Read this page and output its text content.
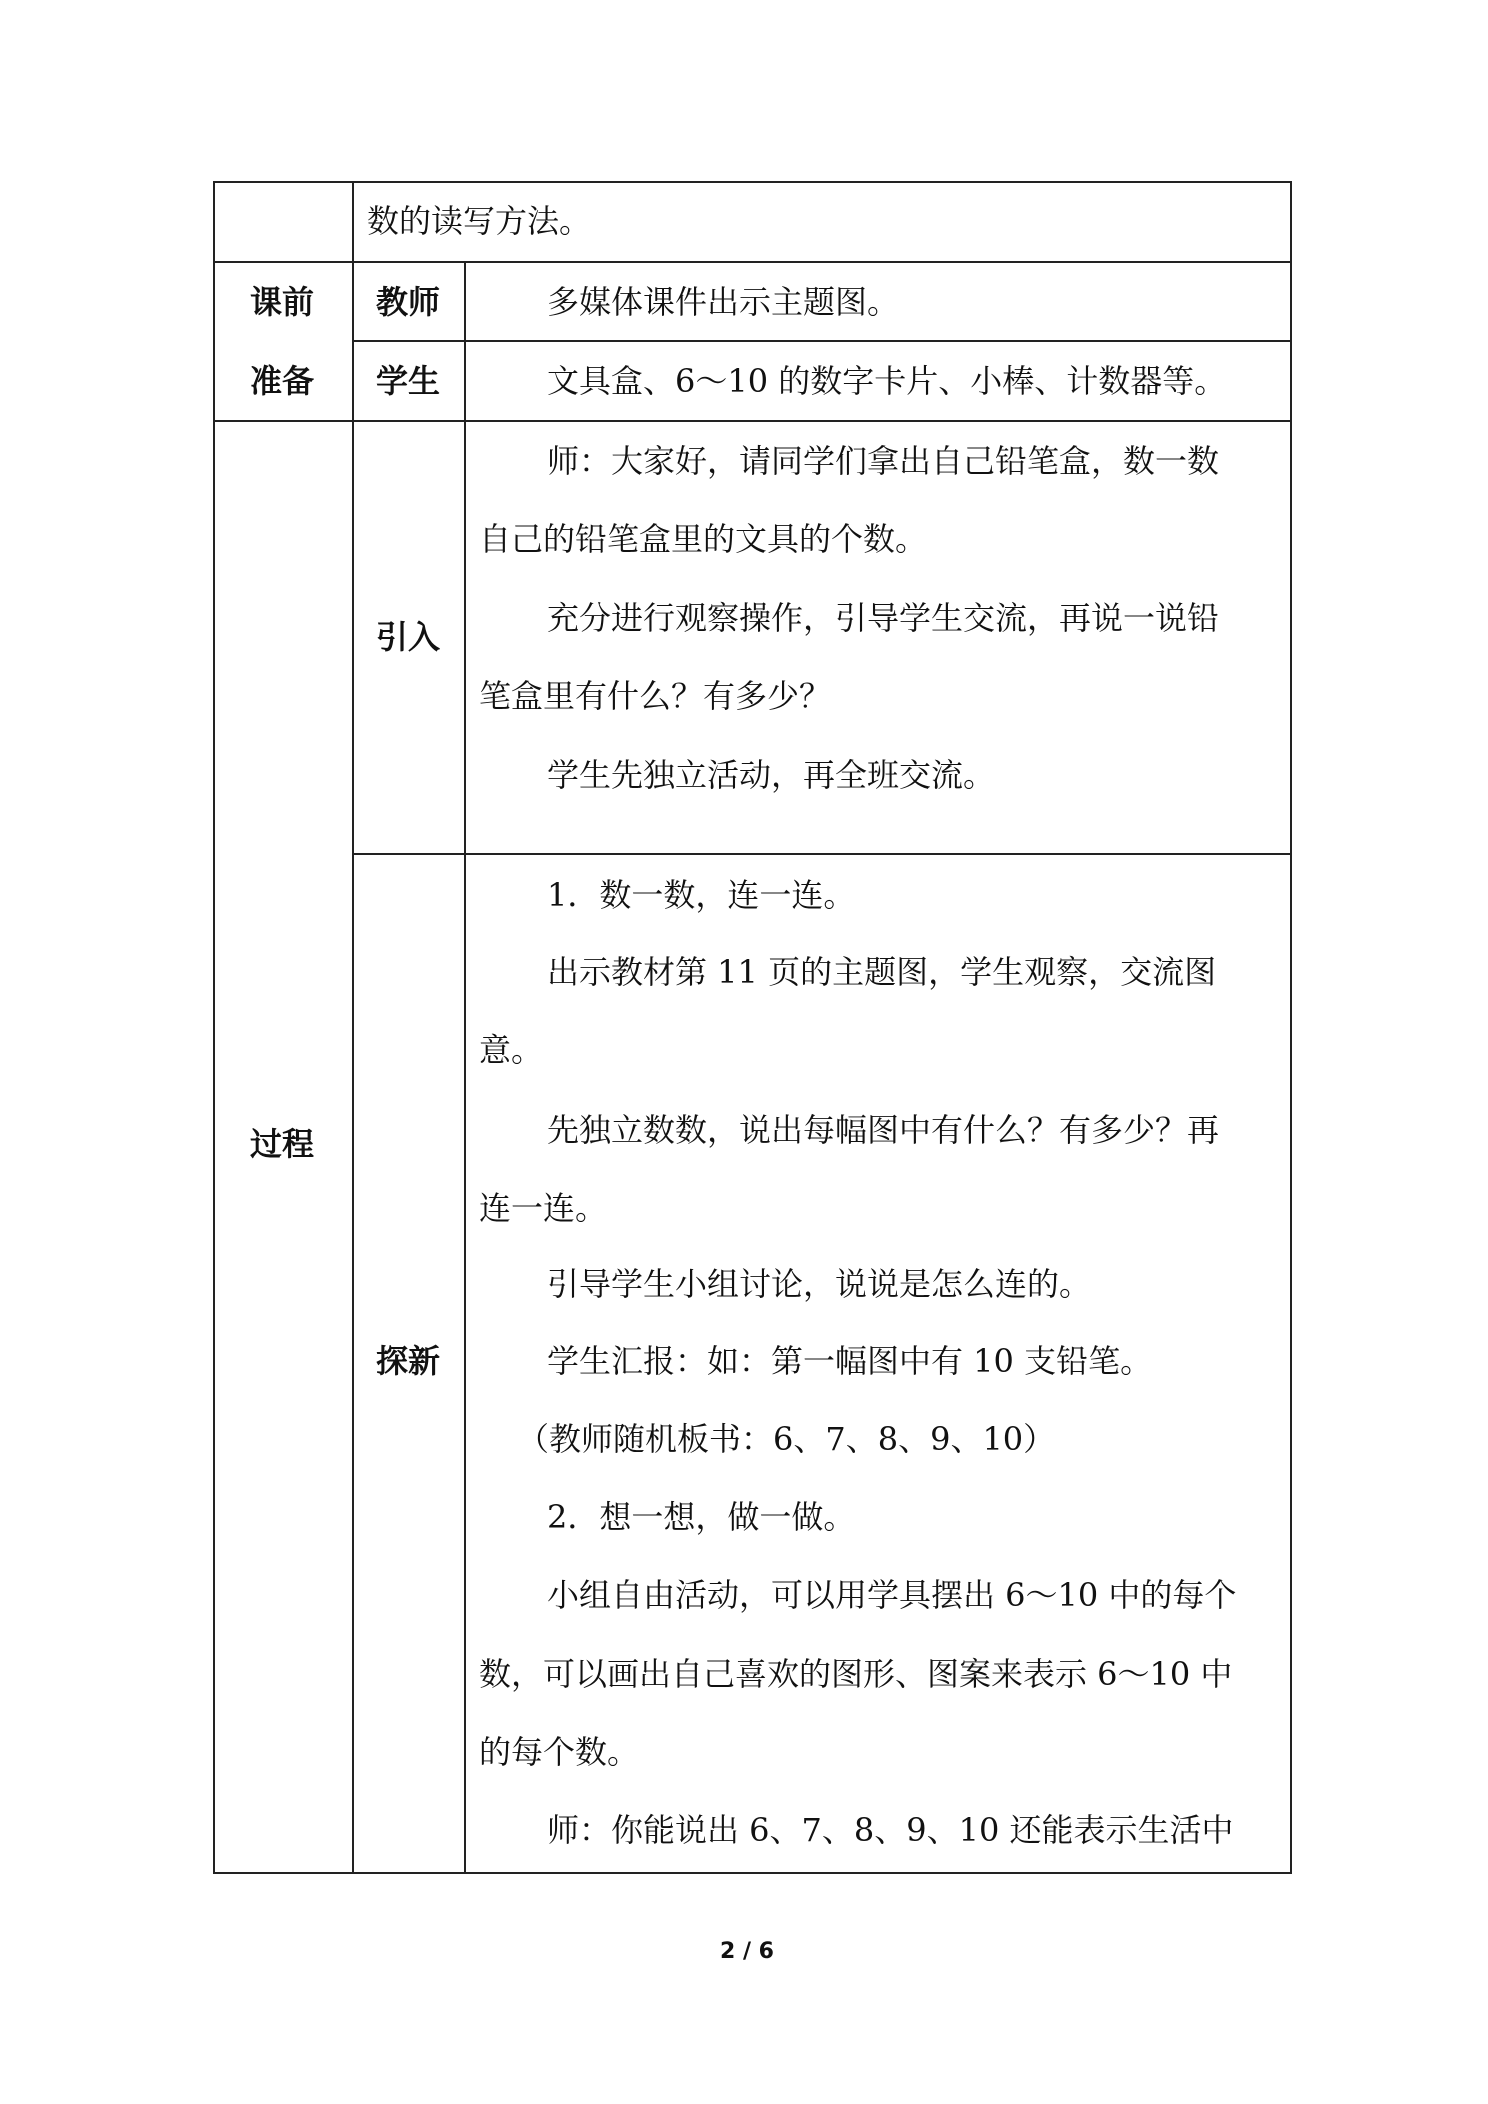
数的读写方法。
课前
准备
教师	多媒体课件出示主题图。
学生	文具盒、6～10 的数字卡片、小棒、计数器等。
过程
引入
师：大家好，请同学们拿出自己铅笔盒，数一数
自己的铅笔盒里的文具的个数。
充分进行观察操作，引导学生交流，再说一说铅
笔盒里有什么？有多少？
学生先独立活动，再全班交流。
探新
1．数一数，连一连。
出示教材第 11 页的主题图，学生观察，交流图
意。
先独立数数，说出每幅图中有什么？有多少？再
连一连。
引导学生小组讨论，说说是怎么连的。
学生汇报：如：第一幅图中有 10 支铅笔。
（教师随机板书：6、7、8、9、10）
2．想一想，做一做。
小组自由活动，可以用学具摆出 6～10 中的每个
数，可以画出自己喜欢的图形、图案来表示 6～10 中
的每个数。
师：你能说出 6、7、8、9、10 还能表示生活中
2 / 6
